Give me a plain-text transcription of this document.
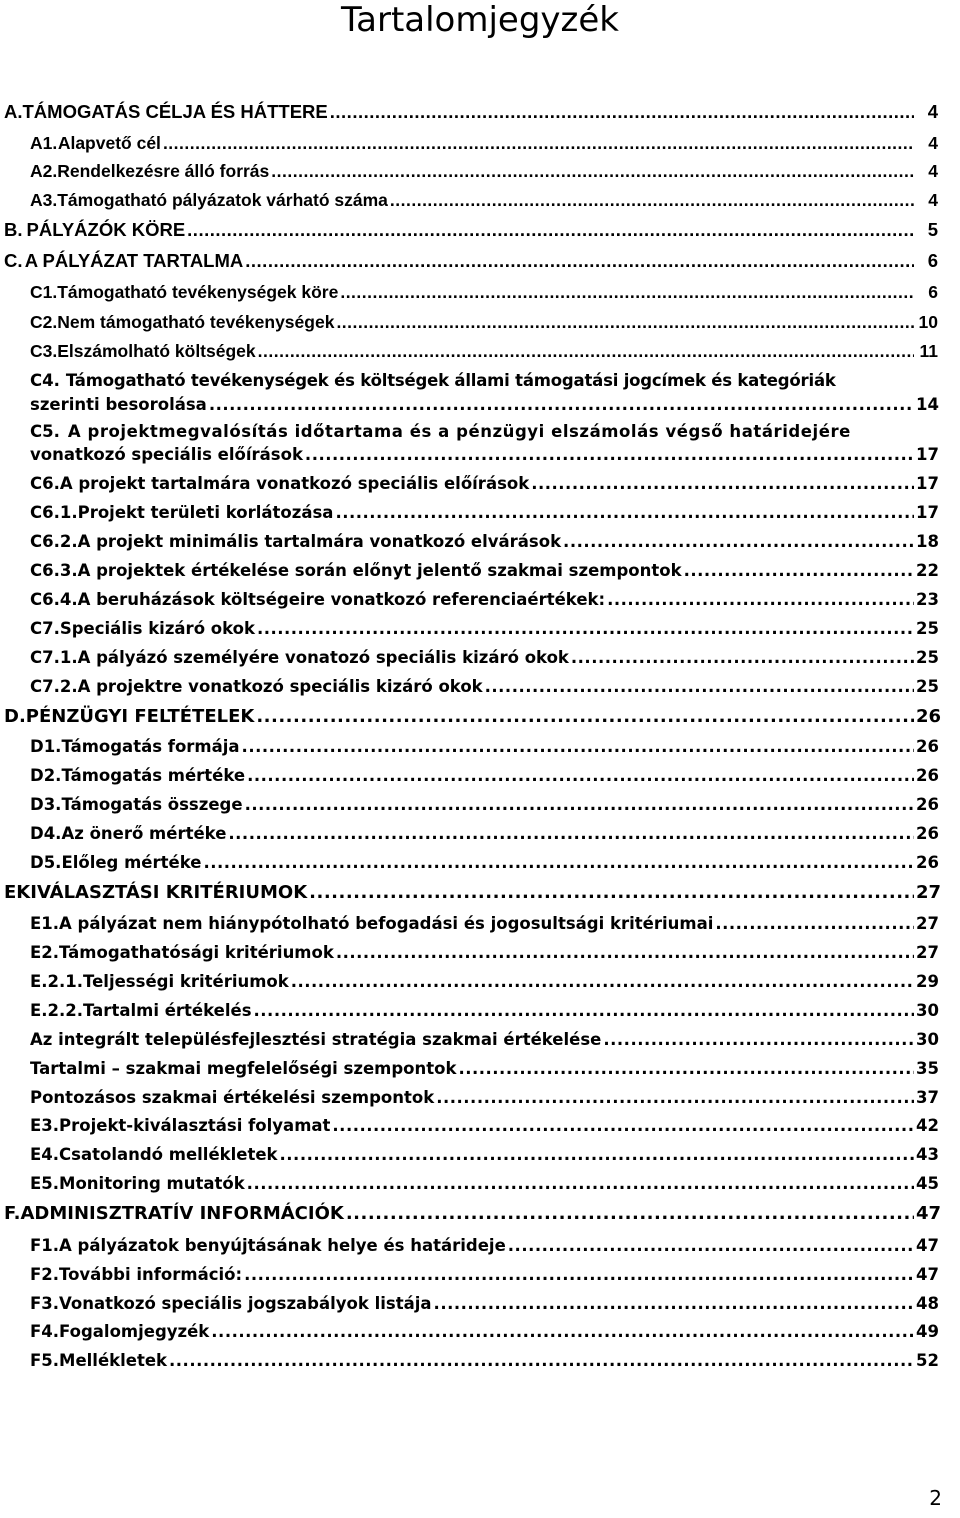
Tartalomjegyzék
A. TÁMOGATÁS CÉLJA ÉS HÁTTERE .....	4
A1. Alapvető cél .....	4
A2. Rendelkezésre álló forrás .....	4
A3. Támogatható pályázatok várható száma .....	4
B. PÁLYÁZÓK KÖRE .....	5
C. A PÁLYÁZAT TARTALMA .....	6
C1. Támogatható tevékenységek köre .....	6
C2. Nem támogatható tevékenységek .....	10
C3. Elszámolható költségek .....	11
C4. Támogatható tevékenységek és költségek állami támogatási jogcímek és kategóriák
szerinti besorolása .....	14
C5. A projektmegvalósítás időtartama és a pénzügyi elszámolás végső határidejére
vonatkozó speciális előírások .....	17
C6. A projekt tartalmára vonatkozó speciális előírások .....	17
C6.1. Projekt területi korlátozása .....	17
C6.2. A projekt minimális tartalmára vonatkozó elvárások .....	18
C6.3. A projektek értékelése során előnyt jelentő szakmai szempontok .....	22
C6.4. A beruházások költségeire vonatkozó referenciaértékek: .....	23
C7. Speciális kizáró okok .....	25
C7.1. A pályázó személyére vonatozó speciális kizáró okok .....	25
C7.2. A projektre vonatkozó speciális kizáró okok .....	25
D. PÉNZÜGYI FELTÉTELEK .....	26
D1. Támogatás formája .....	26
D2. Támogatás mértéke .....	26
D3. Támogatás összege .....	26
D4. Az önerő mértéke .....	26
D5. Előleg mértéke .....	26
E KIVÁLASZTÁSI KRITÉRIUMOK .....	27
E1. A pályázat nem hiánypótolható befogadási és jogosultsági kritériumai .....	27
E2. Támogathatósági kritériumok .....	27
E.2.1. Teljességi kritériumok .....	29
E.2.2. Tartalmi értékelés .....	30
Az integrált településfejlesztési stratégia szakmai értékelése .....	30
Tartalmi – szakmai megfelelőségi szempontok .....	35
Pontozásos szakmai értékelési szempontok .....	37
E3. Projekt-kiválasztási folyamat .....	42
E4. Csatolandó mellékletek .....	43
E5. Monitoring mutatók .....	45
F. ADMINISZTRATÍV INFORMÁCIÓK .....	47
F1. A pályázatok benyújtásának helye és határideje .....	47
F2. További információ: .....	47
F3. Vonatkozó speciális jogszabályok listája .....	48
F4. Fogalomjegyzék .....	49
F5. Mellékletek .....	52
2
